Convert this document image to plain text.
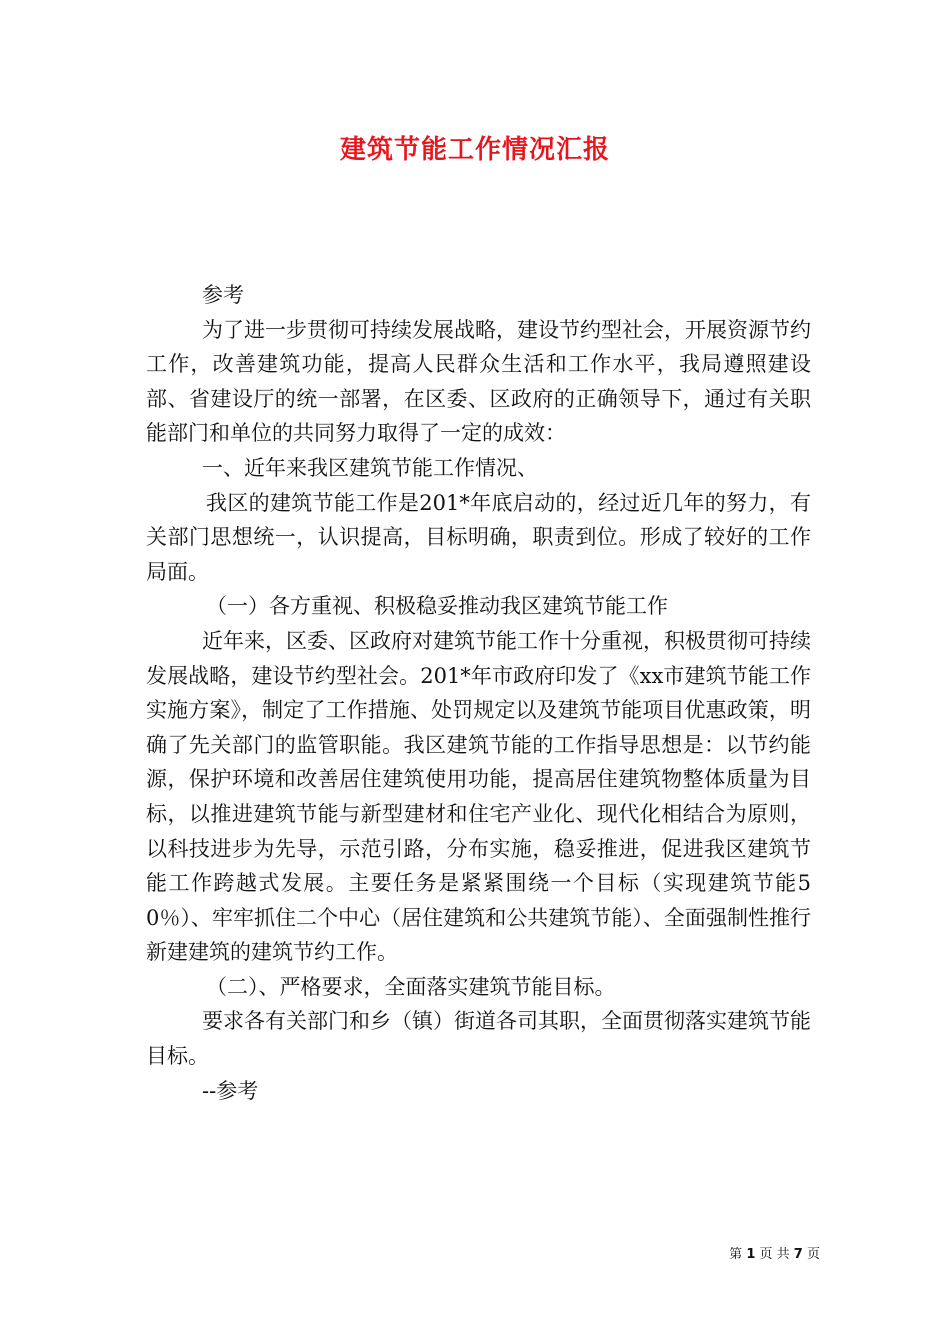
建筑节能工作情况汇报

参考

为了进一步贯彻可持续发展战略，建设节约型社会，开展资源节约工作，改善建筑功能，提高人民群众生活和工作水平，我局遵照建设部、省建设厅的统一部署，在区委、区政府的正确领导下，通过有关职能部门和单位的共同努力取得了一定的成效：

一、近年来我区建筑节能工作情况、

我区的建筑节能工作是201*年底启动的，经过近几年的努力，有关部门思想统一，认识提高，目标明确，职责到位。形成了较好的工作局面。

（一）各方重视、积极稳妥推动我区建筑节能工作

近年来，区委、区政府对建筑节能工作十分重视，积极贯彻可持续发展战略，建设节约型社会。201*年市政府印发了《xx市建筑节能工作实施方案》，制定了工作措施、处罚规定以及建筑节能项目优惠政策，明确了先关部门的监管职能。我区建筑节能的工作指导思想是：以节约能源，保护环境和改善居住建筑使用功能，提高居住建筑物整体质量为目标，以推进建筑节能与新型建材和住宅产业化、现代化相结合为原则，以科技进步为先导，示范引路，分布实施，稳妥推进，促进我区建筑节能工作跨越式发展。主要任务是紧紧围绕一个目标（实现建筑节能50％）、牢牢抓住二个中心（居住建筑和公共建筑节能）、全面强制性推行新建建筑的建筑节约工作。

（二）、严格要求，全面落实建筑节能目标。

要求各有关部门和乡（镇）街道各司其职，全面贯彻落实建筑节能目标。

--参考

第 1 页 共 7 页
